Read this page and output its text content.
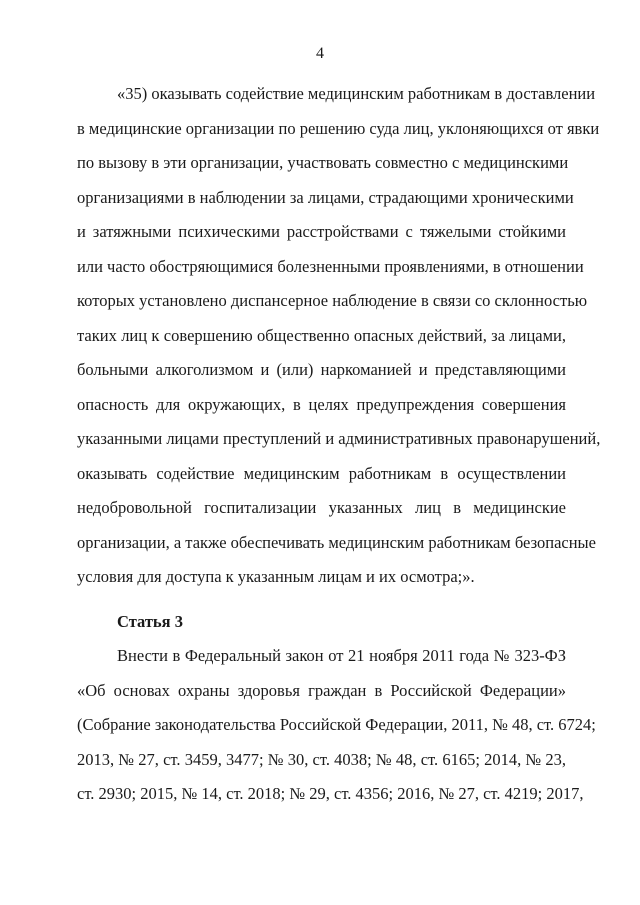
4
«35) оказывать содействие медицинским работникам в доставлении
в медицинские организации по решению суда лиц, уклоняющихся от явки
по вызову в эти организации, участвовать совместно с медицинскими
организациями в наблюдении за лицами, страдающими хроническими
и затяжными психическими расстройствами с тяжелыми стойкими
или часто обостряющимися болезненными проявлениями, в отношении
которых установлено диспансерное наблюдение в связи со склонностью
таких лиц к совершению общественно опасных действий, за лицами,
больными алкоголизмом и (или) наркоманией и представляющими
опасность для окружающих, в целях предупреждения совершения
указанными лицами преступлений и административных правонарушений,
оказывать содействие медицинским работникам в осуществлении
недобровольной госпитализации указанных лиц в медицинские
организации, а также обеспечивать медицинским работникам безопасные
условия для доступа к указанным лицам и их осмотра;».
Статья 3
Внести в Федеральный закон от 21 ноября 2011 года № 323-ФЗ
«Об основах охраны здоровья граждан в Российской Федерации»
(Собрание законодательства Российской Федерации, 2011, № 48, ст. 6724;
2013, № 27, ст. 3459, 3477; № 30, ст. 4038; № 48, ст. 6165; 2014, № 23,
ст. 2930; 2015, № 14, ст. 2018; № 29, ст. 4356; 2016, № 27, ст. 4219; 2017,
